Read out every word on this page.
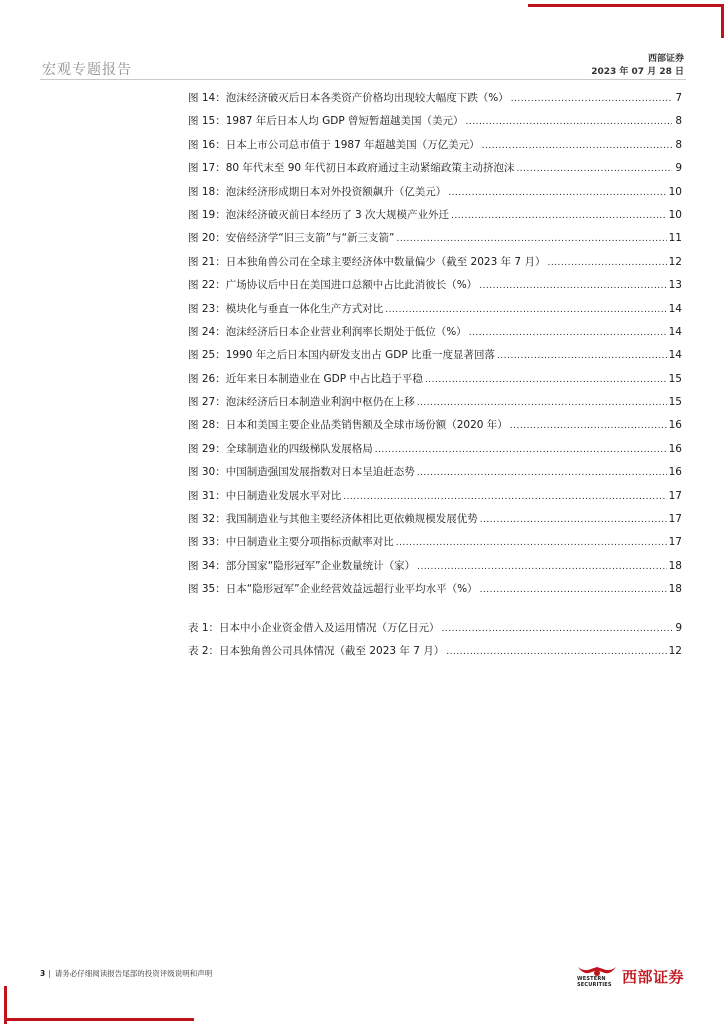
宏观专题报告
西部证券
2023 年 07 月 28 日
图 14：泡沫经济破灭后日本各类资产价格均出现较大幅度下跌（%） .....	7
图 15：1987 年后日本人均 GDP 曾短暂超越美国（美元） .....	8
图 16：日本上市公司总市值于 1987 年超越美国（万亿美元） .....	8
图 17：80 年代末至 90 年代初日本政府通过主动紧缩政策主动挤泡沫 .....	9
图 18：泡沫经济形成期日本对外投资额飙升（亿美元） .....	10
图 19：泡沫经济破灭前日本经历了 3 次大规模产业外迁 .....	10
图 20：安倍经济学“旧三支箭”与“新三支箭” .....	11
图 21：日本独角兽公司在全球主要经济体中数量偏少（截至 2023 年 7 月） .....	12
图 22：广场协议后中日在美国进口总额中占比此消彼长（%） .....	13
图 23：模块化与垂直一体化生产方式对比 .....	14
图 24：泡沫经济后日本企业营业利润率长期处于低位（%） .....	14
图 25：1990 年之后日本国内研发支出占 GDP 比重一度显著回落 .....	14
图 26：近年来日本制造业在 GDP 中占比趋于平稳 .....	15
图 27：泡沫经济后日本制造业利润中枢仍在上移 .....	15
图 28：日本和美国主要企业品类销售额及全球市场份额（2020 年） .....	16
图 29：全球制造业的四级梯队发展格局 .....	16
图 30：中国制造强国发展指数对日本呈追赶态势 .....	16
图 31：中日制造业发展水平对比 .....	17
图 32：我国制造业与其他主要经济体相比更依赖规模发展优势 .....	17
图 33：中日制造业主要分项指标贡献率对比 .....	17
图 34：部分国家“隐形冠军”企业数量统计（家） .....	18
图 35：日本“隐形冠军”企业经营效益远超行业平均水平（%） .....	18
表 1：日本中小企业资金借入及运用情况（万亿日元） .....	9
表 2：日本独角兽公司具体情况（截至 2023 年 7 月） .....	12
3 | 请务必仔细阅读报告尾部的投资评级说明和声明
WESTERN SECURITIES 西部证券
